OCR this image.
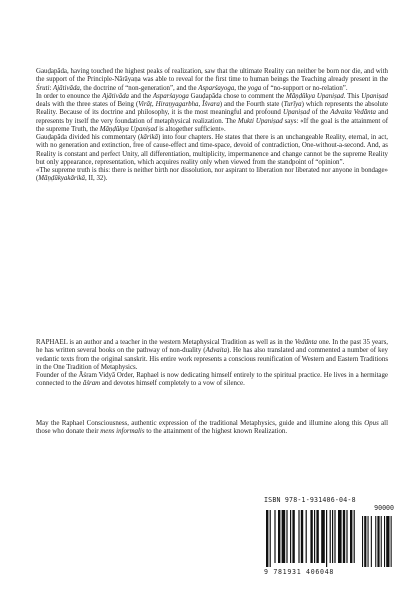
Gauḍapāda, having touched the highest peaks of realization, saw that the ultimate Reality can neither be born nor die, and with the support of the Principle-Nārāyaṇa was able to reveal for the first time to human beings the Teaching already present in the Śruti: Ajātivāda, the doctrine of “non-generation”, and the Asparśayoga, the yoga of “no-support or no-relation”.

In order to enounce the Ajātivāda and the Asparśayoga Gauḍapāda chose to comment the Māṇḍūkya Upaniṣad. This Upaniṣad deals with the three states of Being (Virāṭ, Hiraṇyagarbha, Īśvara) and the Fourth state (Turīya) which represents the absolute Reality. Because of its doctrine and philosophy, it is the most meaningful and profound Upaniṣad of the Advaita Vedānta and represents by itself the very foundation of metaphysical realization. The Mukti Upaniṣad says: «If the goal is the attainment of the supreme Truth, the Māṇḍūkya Upaniṣad is altogether sufficient».

Gauḍapāda divided his commentary (kārikā) into four chapters. He states that there is an unchangeable Reality, eternal, in act, with no generation and extinction, free of cause-effect and time-space, devoid of contradiction, One-without-a-second. And, as Reality is constant and perfect Unity, all differentiation, multiplicity, impermanence and change cannot be the supreme Reality but only appearance, representation, which acquires reality only when viewed from the standpoint of “opinion”.

«The supreme truth is this: there is neither birth nor dissolution, nor aspirant to liberation nor liberated nor anyone in bondage» (Māṇḍūkyakārikā, II, 32).

RAPHAEL is an author and a teacher in the western Metaphysical Tradition as well as in the Vedānta one. In the past 35 years, he has written several books on the pathway of non-duality (Advaita). He has also translated and commented a number of key vedantic texts from the original sanskrit. His entire work represents a conscious reunification of Western and Eastern Traditions in the One Tradition of Metaphysics.

Founder of the Āśram Vidyā Order, Raphael is now dedicating himself entirely to the spiritual practice. He lives in a hermitage connected to the āśram and devotes himself completely to a vow of silence.

May the Raphael Consciousness, authentic expression of the traditional Metaphysics, guide and illumine along this Opus all those who donate their mens informalis to the attainment of the highest known Realization.

ISBN 978-1-931406-04-8
90000
9 781931 406048
